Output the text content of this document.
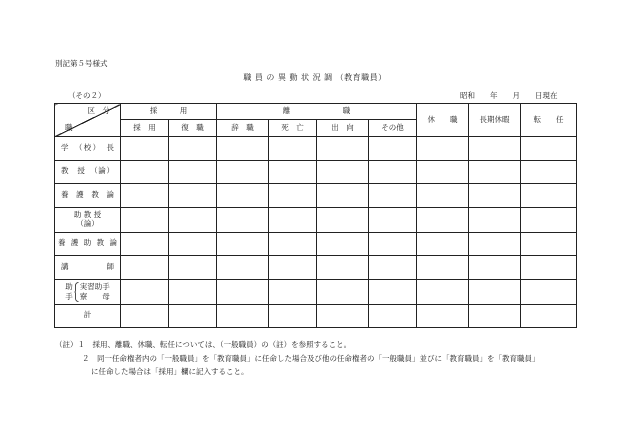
別記第５号様式
職 員 の 異 動 状 況 調 （教育職員）
（その２）	昭和　　年　　月　　日現在
区　分
職	採　　　用		離　　　　　　　職				休　　職	長期休暇	転　　任
	採　用	復　職	辞　職	死　亡	出　向	その他			

学　（校）　長									

教　授　（論）									

養　護　教　論									

助 教 授
（論）									

養護助教論									

講　　　　師									

助
手
実習助手
寮　　母									

計									
（註）１　採用、離職、休職、転任については、（一般職員）の（註）を参照すること。
２　同一任命権者内の「一般職員」を「教育職員」に任命した場合及び他の任命権者の「一般職員」並びに「教育職員」を「教育職員」
に任命した場合は「採用」欄に記入すること。
